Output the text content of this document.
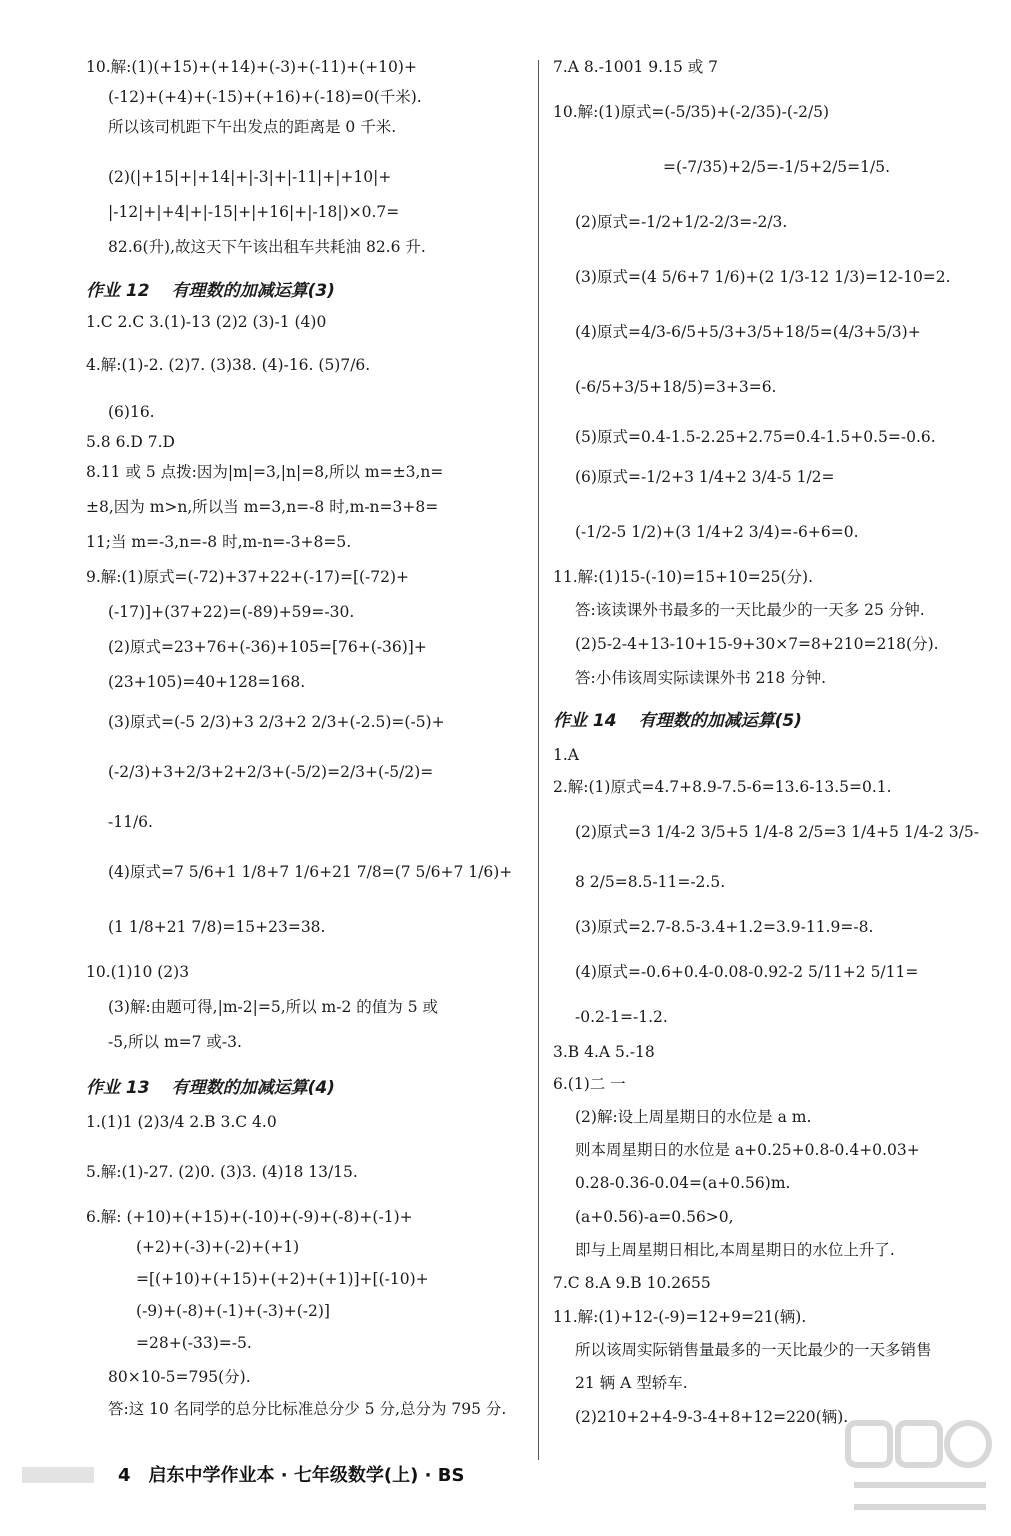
10.解:(1)(+15)+(+14)+(-3)+(-11)+(+10)+
(-12)+(+4)+(-15)+(+16)+(-18)=0(千米).
所以该司机距下午出发点的距离是 0 千米.
(2)(|+15|+|+14|+|-3|+|-11|+|+10|+
|-12|+|+4|+|-15|+|+16|+|-18|)×0.7=
82.6(升),故这天下午该出租车共耗油 82.6 升.
1.C 2.C 3.(1)-13 (2)2 (3)-1 (4)0
4.解:(1)-2. (2)7. (3)38. (4)-16. (5)7/6.
(6)16.
5.8 6.D 7.D
8.11 或 5 点拨:因为|m|=3,|n|=8,所以 m=±3,n=
±8,因为 m>n,所以当 m=3,n=-8 时,m-n=3+8=
11;当 m=-3,n=-8 时,m-n=-3+8=5.
9.解:(1)原式=(-72)+37+22+(-17)=[(-72)+
(-17)]+(37+22)=(-89)+59=-30.
(2)原式=23+76+(-36)+105=[76+(-36)]+
(23+105)=40+128=168.
(3)原式=(-5 2/3)+3 2/3+2 2/3+(-2.5)=(-5)+
(-2/3)+3+2/3+2+2/3+(-5/2)=2/3+(-5/2)=
-11/6.
(4)原式=7 5/6+1 1/8+7 1/6+21 7/8=(7 5/6+7 1/6)+
(1 1/8+21 7/8)=15+23=38.
10.(1)10 (2)3
(3)解:由题可得,|m-2|=5,所以 m-2 的值为 5 或
-5,所以 m=7 或-3.
1.(1)1 (2)3/4 2.B 3.C 4.0
5.解:(1)-27. (2)0. (3)3. (4)18 13/15.
6.解: (+10)+(+15)+(-10)+(-9)+(-8)+(-1)+
(+2)+(-3)+(-2)+(+1)
=[(+10)+(+15)+(+2)+(+1)]+[(-10)+
(-9)+(-8)+(-1)+(-3)+(-2)]
=28+(-33)=-5.
80×10-5=795(分).
答:这 10 名同学的总分比标准总分少 5 分,总分为 795 分.
作业 12 有理数的加减运算(3)
作业 13 有理数的加减运算(4)
7.A 8.-1001 9.15 或 7
10.解:(1)原式=(-5/35)+(-2/35)-(-2/5)
=(-7/35)+2/5=-1/5+2/5=1/5.
(2)原式=-1/2+1/2-2/3=-2/3.
(3)原式=(4 5/6+7 1/6)+(2 1/3-12 1/3)=12-10=2.
(4)原式=4/3-6/5+5/3+3/5+18/5=(4/3+5/3)+
(-6/5+3/5+18/5)=3+3=6.
(5)原式=0.4-1.5-2.25+2.75=0.4-1.5+0.5=-0.6.
(6)原式=-1/2+3 1/4+2 3/4-5 1/2=
(-1/2-5 1/2)+(3 1/4+2 3/4)=-6+6=0.
11.解:(1)15-(-10)=15+10=25(分).
答:该读课外书最多的一天比最少的一天多 25 分钟.
(2)5-2-4+13-10+15-9+30×7=8+210=218(分).
答:小伟该周实际读课外书 218 分钟.
1.A
2.解:(1)原式=4.7+8.9-7.5-6=13.6-13.5=0.1.
(2)原式=3 1/4-2 3/5+5 1/4-8 2/5=3 1/4+5 1/4-2 3/5-
8 2/5=8.5-11=-2.5.
(3)原式=2.7-8.5-3.4+1.2=3.9-11.9=-8.
(4)原式=-0.6+0.4-0.08-0.92-2 5/11+2 5/11=
-0.2-1=-1.2.
3.B 4.A 5.-18
6.(1)二 一
(2)解:设上周星期日的水位是 a m.
则本周星期日的水位是 a+0.25+0.8-0.4+0.03+
0.28-0.36-0.04=(a+0.56)m.
(a+0.56)-a=0.56>0,
即与上周星期日相比,本周星期日的水位上升了.
7.C 8.A 9.B 10.2655
11.解:(1)+12-(-9)=12+9=21(辆).
所以该周实际销售量最多的一天比最少的一天多销售
21 辆 A 型轿车.
(2)210+2+4-9-3-4+8+12=220(辆).
作业 14 有理数的加减运算(5)
4 启东中学作业本 · 七年级数学(上) · BS
